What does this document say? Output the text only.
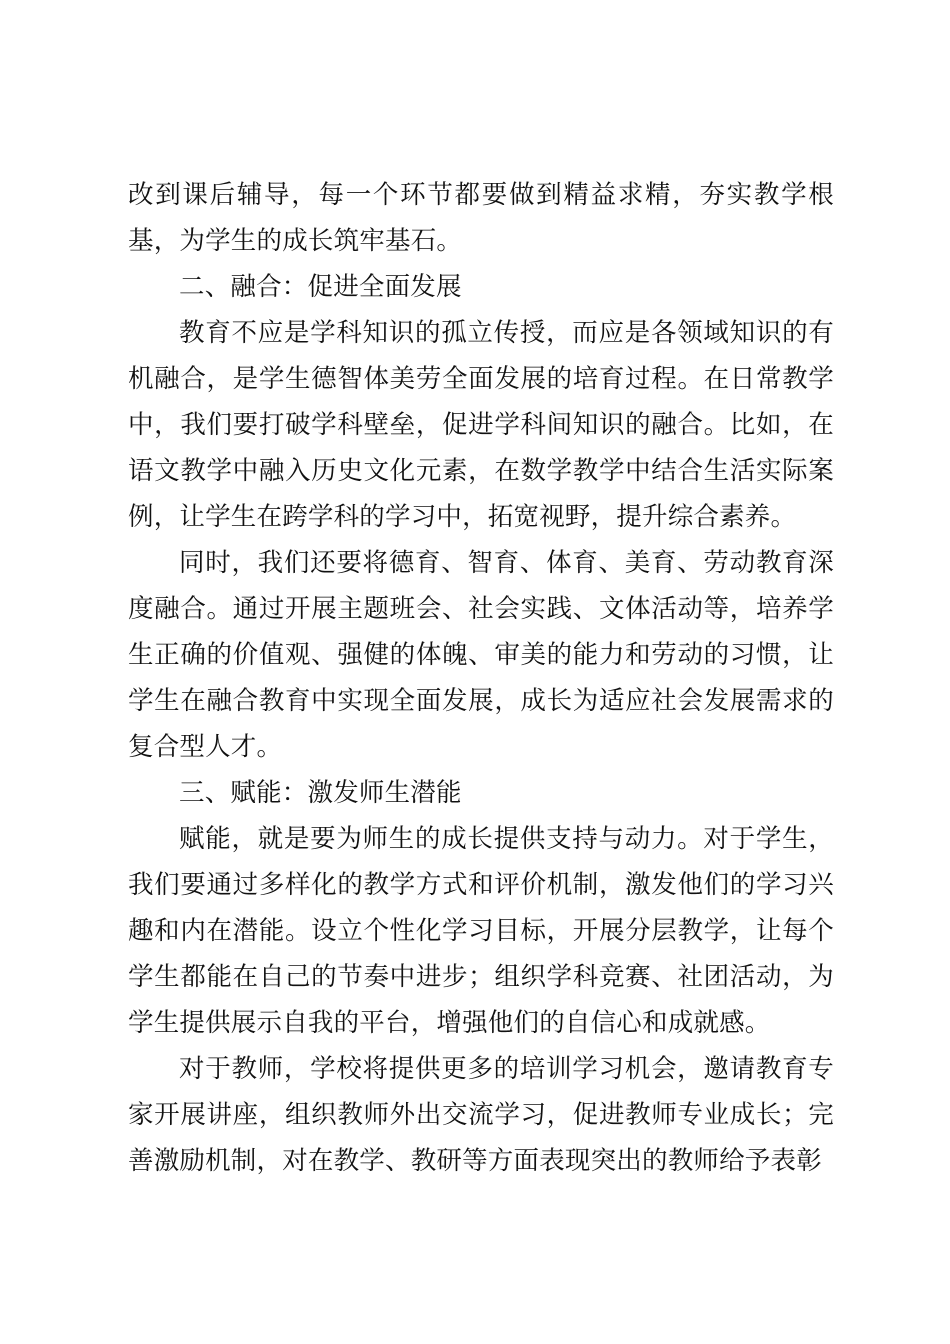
改到课后辅导，每一个环节都要做到精益求精，夯实教学根基，为学生的成长筑牢基石。

二、融合：促进全面发展

教育不应是学科知识的孤立传授，而应是各领域知识的有机融合，是学生德智体美劳全面发展的培育过程。在日常教学中，我们要打破学科壁垒，促进学科间知识的融合。比如，在语文教学中融入历史文化元素，在数学教学中结合生活实际案例，让学生在跨学科的学习中，拓宽视野，提升综合素养。

同时，我们还要将德育、智育、体育、美育、劳动教育深度融合。通过开展主题班会、社会实践、文体活动等，培养学生正确的价值观、强健的体魄、审美的能力和劳动的习惯，让学生在融合教育中实现全面发展，成长为适应社会发展需求的复合型人才。

三、赋能：激发师生潜能

赋能，就是要为师生的成长提供支持与动力。对于学生，我们要通过多样化的教学方式和评价机制，激发他们的学习兴趣和内在潜能。设立个性化学习目标，开展分层教学，让每个学生都能在自己的节奏中进步；组织学科竞赛、社团活动，为学生提供展示自我的平台，增强他们的自信心和成就感。

对于教师，学校将提供更多的培训学习机会，邀请教育专家开展讲座，组织教师外出交流学习，促进教师专业成长；完善激励机制，对在教学、教研等方面表现突出的教师给予表彰
